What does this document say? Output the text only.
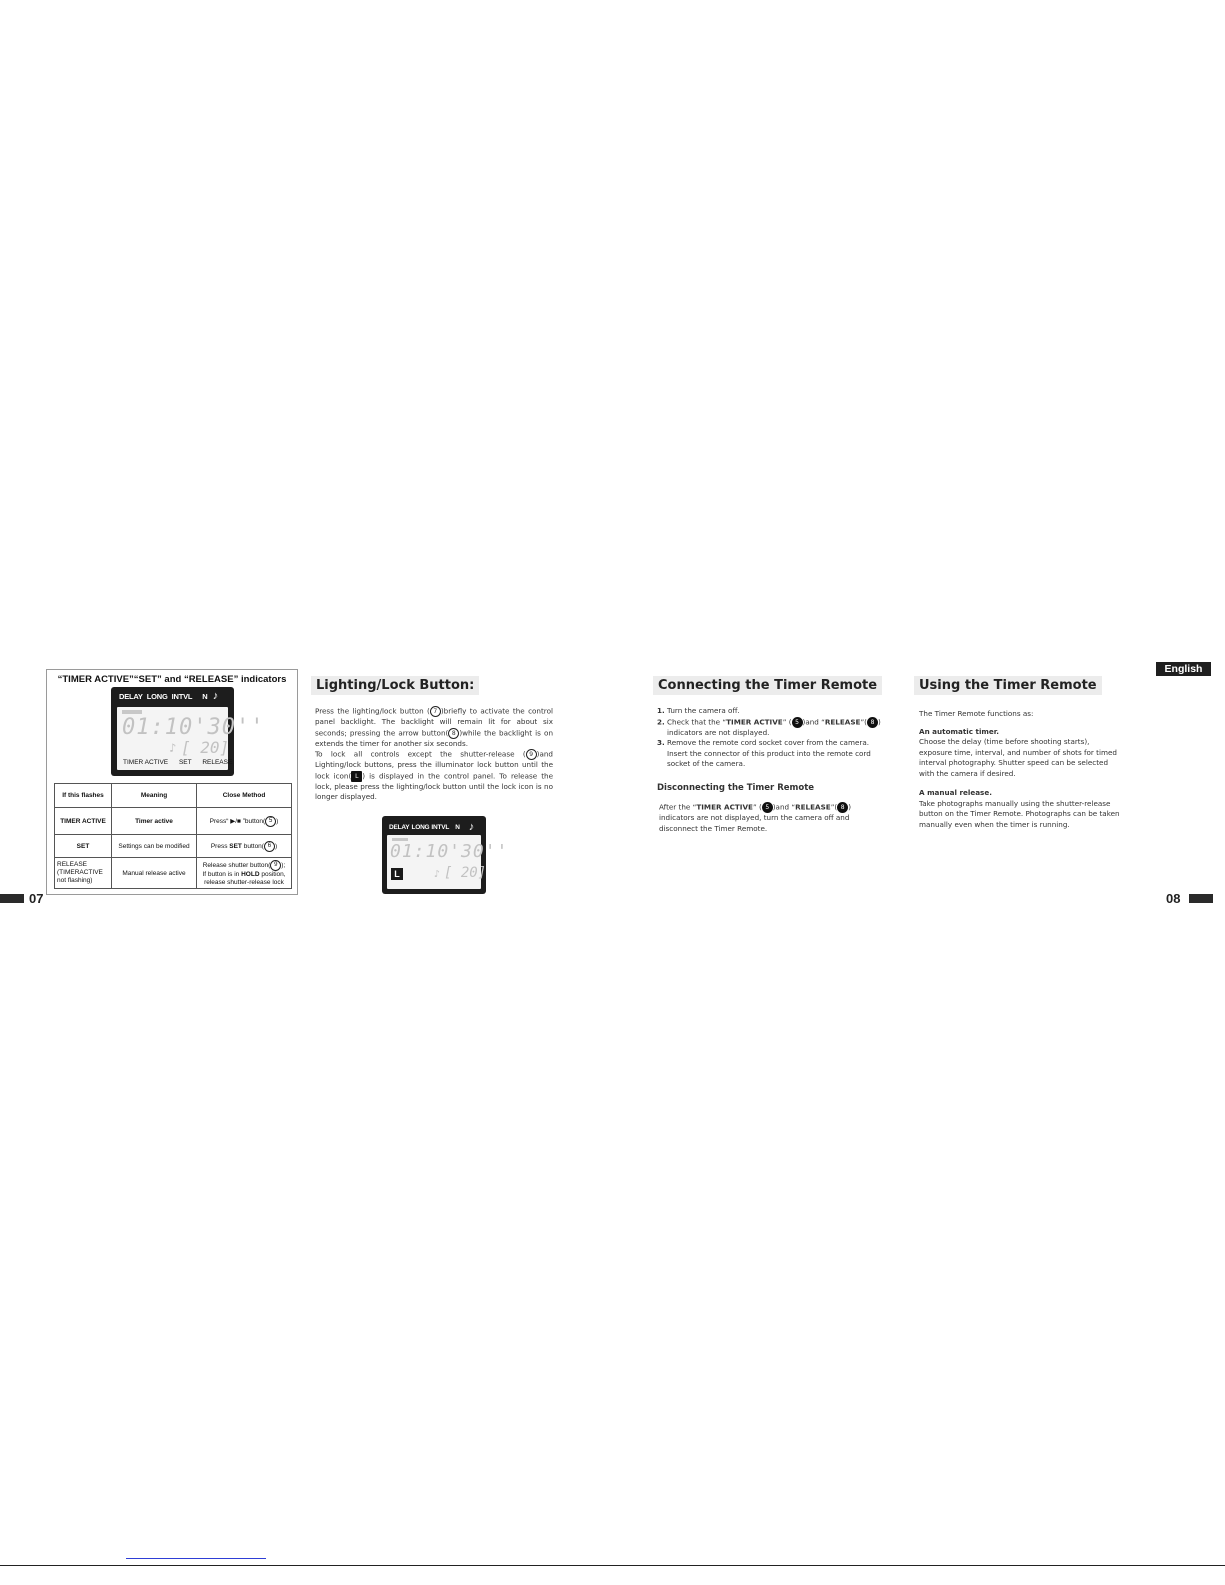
“TIMER ACTIVE”“SET” and “RELEASE” indicators
DELAY LONG INTVL N ♪
01:10'30''
♪ [ 20]
TIMER ACTIVE SET RELEASE
If this flashes	Meaning	Close Method
TIMER ACTIVE	Timer active	Press“ ▶/■ ”button( 5 )
SET	Settings can be modified	Press SET button( 6 )
RELEASE
(TIMERACTIVE
not flashing)	Manual release active	Release shutter button( 9 );
If button is in HOLD position,
release shutter-release lock
07
Lighting/Lock Button:
Press the lighting/lock button ( 7 )briefly to activate the control panel backlight. The backlight will remain lit for about six seconds; pressing the arrow button( 8 )while the backlight is on extends the timer for another six seconds.
To lock all controls except the shutter-release ( 9 )and Lighting/lock buttons, press the illuminator lock button until the lock icon( L ) is displayed in the control panel. To release the lock, please press the lighting/lock button until the lock icon is no longer displayed.
DELAY LONG INTVL N ♪
01:10'30''
L	♪ [ 20]
English
Connecting the Timer Remote
1. Turn the camera off.
2. Check that the “TIMER ACTIVE” ( 5 )and “RELEASE”( 8 )
indicators are not displayed.
3. Remove the remote cord socket cover from the camera.
Insert the connector of this product into the remote cord
socket of the camera.
Disconnecting the Timer Remote
After the “TIMER ACTIVE” ( 5 )and “RELEASE”( 8 )
indicators are not displayed, turn the camera off and
disconnect the Timer Remote.
Using the Timer Remote
The Timer Remote functions as:
An automatic timer.
Choose the delay (time before shooting starts),
exposure time, interval, and number of shots for timed
interval photography. Shutter speed can be selected
with the camera if desired.
A manual release.
Take photographs manually using the shutter-release
button on the Timer Remote. Photographs can be taken
manually even when the timer is running.
08
